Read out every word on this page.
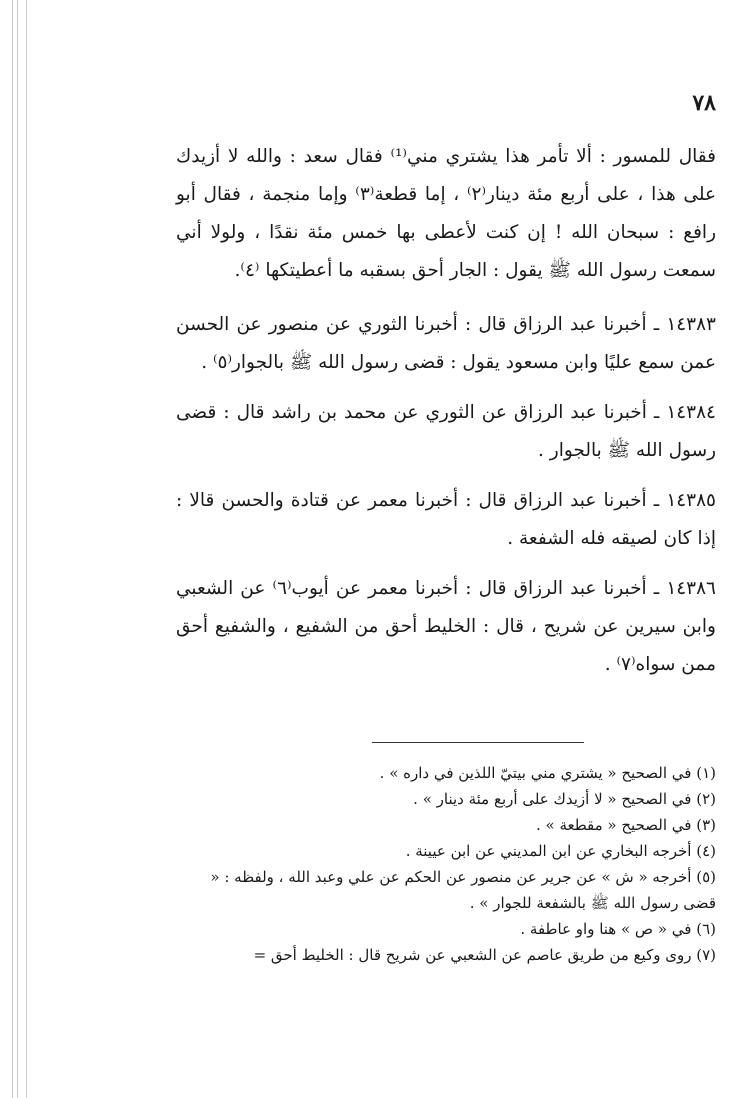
٧٨

فقال للمسور : ألا تأمر هذا يشتري مني⁽¹⁾ فقال سعد : والله لا أزيدك على هذا ، على أربع مئة دينار⁽٢⁾ ، إما قطعة⁽٣⁾ وإما منجمة ، فقال أبو رافع : سبحان الله ! إن كنت لأعطى بها خمس مئة نقدًا ، ولولا أني سمعت رسول الله ﷺ يقول : الجار أحق بسقبه ما أعطيتكها ⁽٤⁾.

١٤٣٨٣ ـ أخبرنا عبد الرزاق قال : أخبرنا الثوري عن منصور عن الحسن عمن سمع عليًا وابن مسعود يقول : قضى رسول الله ﷺ بالجوار⁽٥⁾ .

١٤٣٨٤ ـ أخبرنا عبد الرزاق عن الثوري عن محمد بن راشد قال : قضى رسول الله ﷺ بالجوار .

١٤٣٨٥ ـ أخبرنا عبد الرزاق قال : أخبرنا معمر عن قتادة والحسن قالا : إذا كان لصيقه فله الشفعة .

١٤٣٨٦ ـ أخبرنا عبد الرزاق قال : أخبرنا معمر عن أيوب⁽٦⁾ عن الشعبي وابن سيرين عن شريح ، قال : الخليط أحق من الشفيع ، والشفيع أحق ممن سواه⁽٧⁾ .

(١) في الصحيح « يشتري مني بيتيّ اللذين في داره » .

(٢) في الصحيح « لا أزيدك على أربع مئة دينار » .

(٣) في الصحيح « مقطعة » .

(٤) أخرجه البخاري عن ابن المديني عن ابن عيينة .

(٥) أخرجه « ش » عن جرير عن منصور عن الحكم عن علي وعبد الله ، ولفظه : « قضى رسول الله ﷺ بالشفعة للجوار » .

(٦) في « ص » هنا واو عاطفة .

(٧) روى وكيع من طريق عاصم عن الشعبي عن شريح قال : الخليط أحق =
